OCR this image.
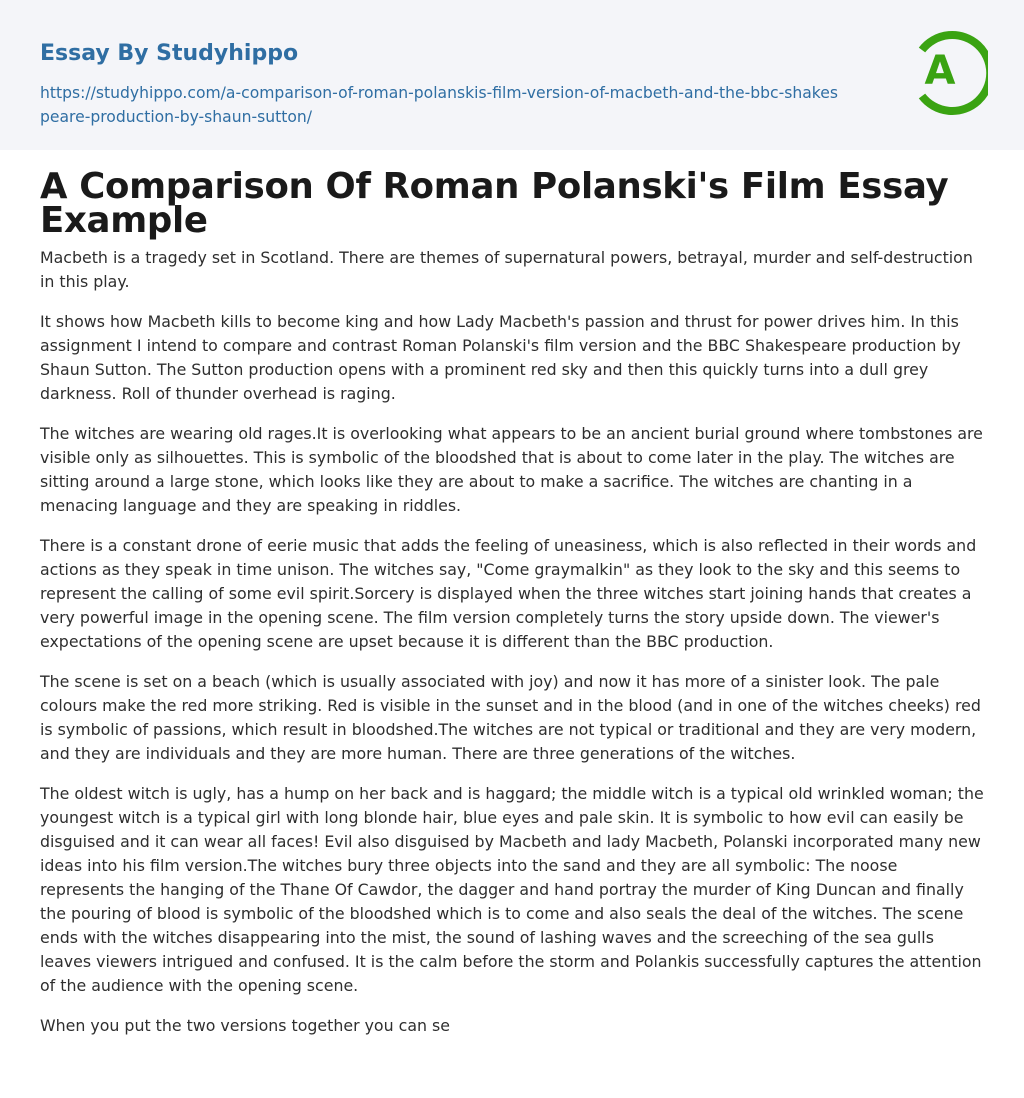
Essay By Studyhippo
https://studyhippo.com/a-comparison-of-roman-polanskis-film-version-of-macbeth-and-the-bbc-shakespeare-production-by-shaun-sutton/
A
A Comparison Of Roman Polanski's Film Essay Example

Macbeth is a tragedy set in Scotland. There are themes of supernatural powers, betrayal, murder and self-destruction in this play.

It shows how Macbeth kills to become king and how Lady Macbeth's passion and thrust for power drives him. In this assignment I intend to compare and contrast Roman Polanski's film version and the BBC Shakespeare production by Shaun Sutton. The Sutton production opens with a prominent red sky and then this quickly turns into a dull grey darkness. Roll of thunder overhead is raging.

The witches are wearing old rages.It is overlooking what appears to be an ancient burial ground where tombstones are visible only as silhouettes. This is symbolic of the bloodshed that is about to come later in the play. The witches are sitting around a large stone, which looks like they are about to make a sacrifice. The witches are chanting in a menacing language and they are speaking in riddles.

There is a constant drone of eerie music that adds the feeling of uneasiness, which is also reflected in their words and actions as they speak in time unison. The witches say, "Come graymalkin" as they look to the sky and this seems to represent the calling of some evil spirit.Sorcery is displayed when the three witches start joining hands that creates a very powerful image in the opening scene. The film version completely turns the story upside down. The viewer's expectations of the opening scene are upset because it is different than the BBC production.

The scene is set on a beach (which is usually associated with joy) and now it has more of a sinister look. The pale colours make the red more striking. Red is visible in the sunset and in the blood (and in one of the witches cheeks) red is symbolic of passions, which result in bloodshed.The witches are not typical or traditional and they are very modern, and they are individuals and they are more human. There are three generations of the witches.

The oldest witch is ugly, has a hump on her back and is haggard; the middle witch is a typical old wrinkled woman; the youngest witch is a typical girl with long blonde hair, blue eyes and pale skin. It is symbolic to how evil can easily be disguised and it can wear all faces! Evil also disguised by Macbeth and lady Macbeth, Polanski incorporated many new ideas into his film version.The witches bury three objects into the sand and they are all symbolic: The noose represents the hanging of the Thane Of Cawdor, the dagger and hand portray the murder of King Duncan and finally the pouring of blood is symbolic of the bloodshed which is to come and also seals the deal of the witches. The scene ends with the witches disappearing into the mist, the sound of lashing waves and the screeching of the sea gulls leaves viewers intrigued and confused. It is the calm before the storm and Polankis successfully captures the attention of the audience with the opening scene.

When you put the two versions together you can se
